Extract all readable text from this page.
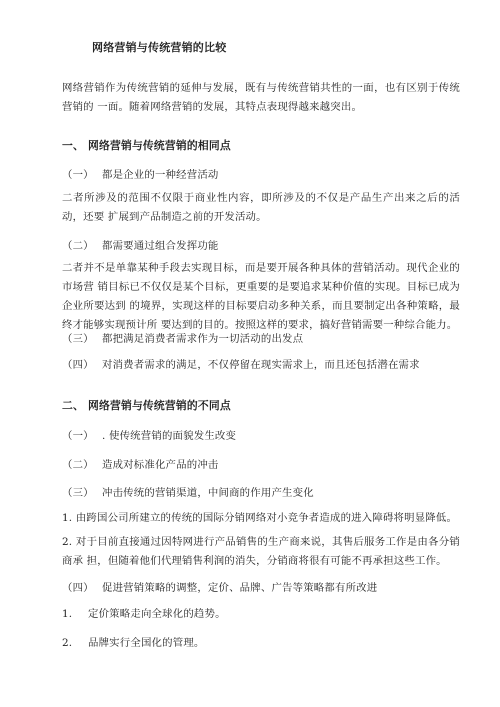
网络营销与传统营销的比较
网络营销作为传统营销的延伸与发展，既有与传统营销共性的一面，也有区别于传统营销的 一面。随着网络营销的发展，其特点表现得越来越突出。
一、 网络营销与传统营销的相同点
（一） 都是企业的一种经营活动
二者所涉及的范围不仅限于商业性内容，即所涉及的不仅是产品生产出来之后的活动，还要 扩展到产品制造之前的开发活动。
（二） 都需要通过组合发挥功能
二者并不是单靠某种手段去实现目标，而是要开展各种具体的营销活动。现代企业的市场营 销目标已不仅仅是某个目标，更重要的是要追求某种价值的实现。目标已成为企业所要达到 的境界，实现这样的目标要启动多种关系，而且要制定出各种策略，最终才能够实现预计所 要达到的目的。按照这样的要求，搞好营销需要一种综合能力。
（三） 都把满足消费者需求作为一切活动的出发点
（四） 对消费者需求的满足，不仅停留在现实需求上，而且还包括潜在需求
二、 网络营销与传统营销的不同点
（一） . 使传统营销的面貌发生改变
（二） 造成对标准化产品的冲击
（三） 冲击传统的营销渠道，中间商的作用产生变化
1. 由跨国公司所建立的传统的国际分销网络对小竞争者造成的进入障碍将明显降低。
2. 对于目前直接通过因特网进行产品销售的生产商来说，其售后服务工作是由各分销商承 担，但随着他们代理销售利润的消失，分销商将很有可能不再承担这些工作。
（四） 促进营销策略的调整，定价、品牌、广告等策略都有所改进
1. 定价策略走向全球化的趋势。
2. 品牌实行全国化的管理。
